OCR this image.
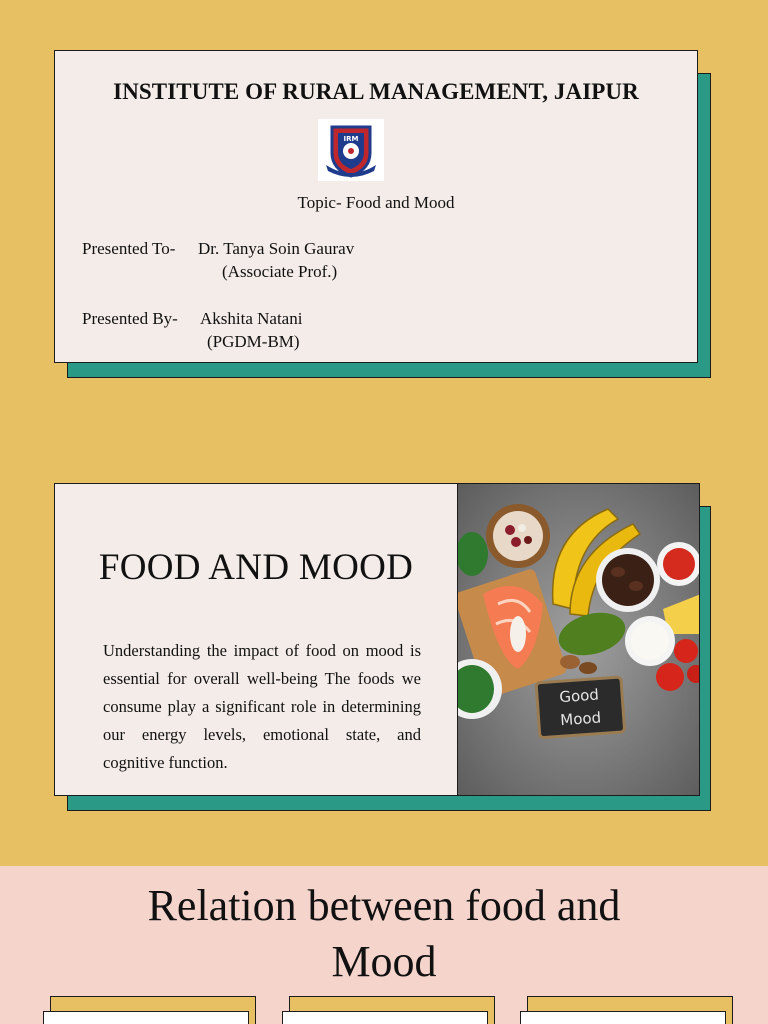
INSTITUTE OF RURAL MANAGEMENT, JAIPUR
IRM
Topic- Food and Mood
Presented To- Dr. Tanya Soin Gaurav
(Associate Prof.)
Presented By- Akshita Natani
(PGDM-BM)
FOOD AND MOOD

Understanding the impact of food on mood is essential for overall well-being The foods we consume play a significant role in determining our energy levels, emotional state, and cognitive function.

Good
Mood
Relation between food and
Mood
